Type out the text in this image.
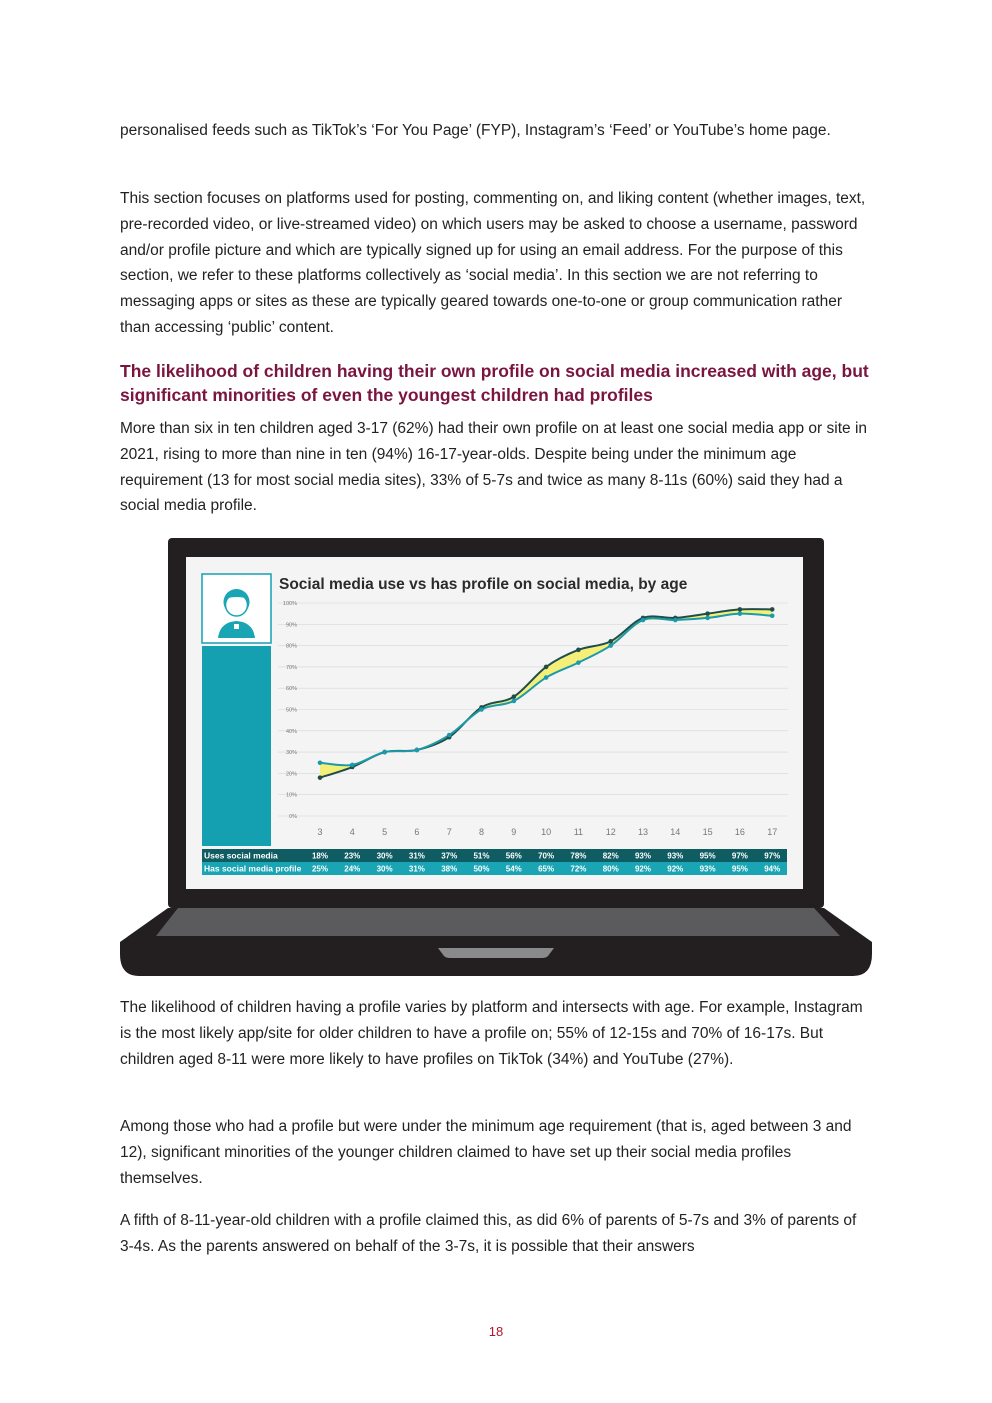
personalised feeds such as TikTok’s ‘For You Page’ (FYP), Instagram’s ‘Feed’ or YouTube’s home page.

This section focuses on platforms used for posting, commenting on, and liking content (whether images, text, pre-recorded video, or live-streamed video) on which users may be asked to choose a username, password and/or profile picture and which are typically signed up for using an email address. For the purpose of this section, we refer to these platforms collectively as ‘social media’. In this section we are not referring to messaging apps or sites as these are typically geared towards one-to-one or group communication rather than accessing ‘public’ content.

The likelihood of children having their own profile on social media increased with age, but significant minorities of even the youngest children had profiles

More than six in ten children aged 3-17 (62%) had their own profile on at least one social media app or site in 2021, rising to more than nine in ten (94%) 16-17-year-olds. Despite being under the minimum age requirement (13 for most social media sites), 33% of 5-7s and twice as many 8-11s (60%) said they had a social media profile.

Social media use vs has profile on social media, by age
0%
10%
20%
30%
40%
50%
60%
70%
80%
90%
100%
3	4	5	6	7	8	9	10	11	12 13 14 15 16 17
Uses social media	18% 23% 30% 31% 37% 51% 56% 70% 78% 82% 93% 93% 95% 97% 97%
Has social media profile 25% 24% 30% 31% 38% 50% 54% 65% 72% 80% 92% 92% 93% 95% 94%

The likelihood of children having a profile varies by platform and intersects with age. For example, Instagram is the most likely app/site for older children to have a profile on; 55% of 12-15s and 70% of 16-17s. But children aged 8-11 were more likely to have profiles on TikTok (34%) and YouTube (27%).

Among those who had a profile but were under the minimum age requirement (that is, aged between 3 and 12), significant minorities of the younger children claimed to have set up their social media profiles themselves.

A fifth of 8-11-year-old children with a profile claimed this, as did 6% of parents of 5-7s and 3% of parents of 3-4s. As the parents answered on behalf of the 3-7s, it is possible that their answers

18
